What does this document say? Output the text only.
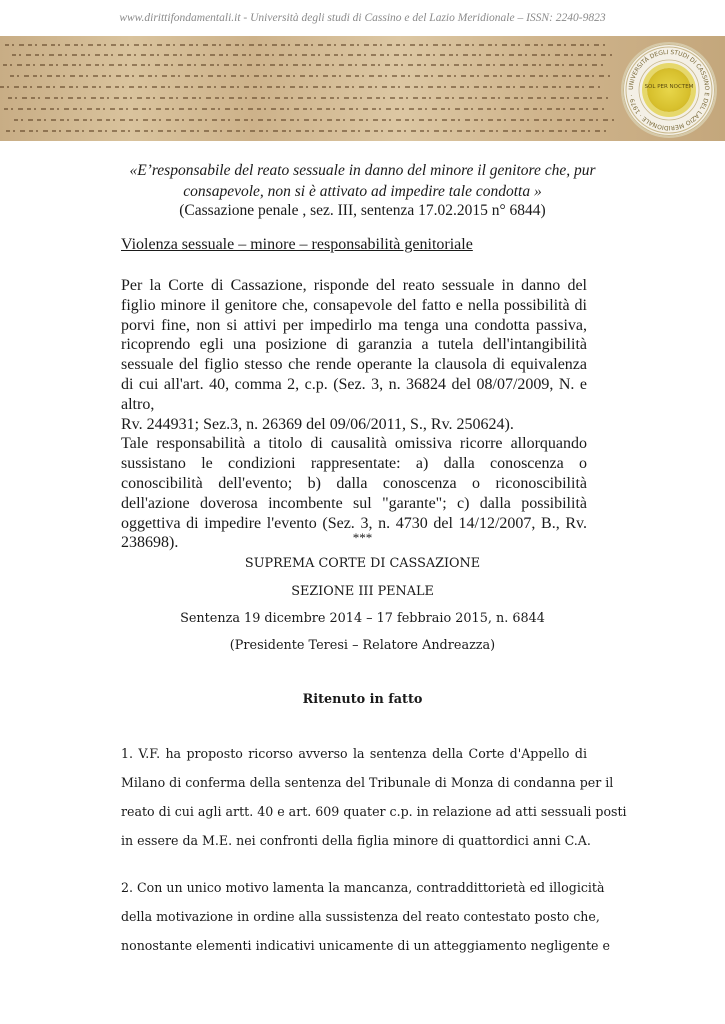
www.dirittifondamentali.it - Università degli studi di Cassino e del Lazio Meridionale – ISSN: 2240-9823
UNIVERSITÀ DEGLI STUDI DI CASSINO E DEL LAZIO MERIDIONALE · 1979 ·
SOL PER NOCTEM
«E’responsabile del reato sessuale in danno del minore il genitore che, pur
consapevole, non si è attivato ad impedire tale condotta »
(Cassazione penale , sez. III, sentenza 17.02.2015 n° 6844)
Violenza sessuale – minore – responsabilità genitoriale
Per la Corte di Cassazione, risponde del reato sessuale in danno del
figlio minore il genitore che, consapevole del fatto e nella possibilità di
porvi fine, non si attivi per impedirlo ma tenga una condotta passiva,
ricoprendo egli una posizione di garanzia a tutela dell'intangibilità
sessuale del figlio stesso che rende operante la clausola di equivalenza
di cui all'art. 40, comma 2, c.p. (Sez. 3, n. 36824 del 08/07/2009, N. e altro,
Rv. 244931; Sez.3, n. 26369 del 09/06/2011, S., Rv. 250624).
Tale responsabilità a titolo di causalità omissiva ricorre allorquando
sussistano le condizioni rappresentate: a) dalla conoscenza o
conoscibilità dell'evento; b) dalla conoscenza o riconoscibilità
dell'azione doverosa incombente sul "garante"; c) dalla possibilità
oggettiva di impedire l'evento (Sez. 3, n. 4730 del 14/12/2007, B., Rv.
238698).	***
SUPREMA CORTE DI CASSAZIONE
SEZIONE III PENALE
Sentenza 19 dicembre 2014 – 17 febbraio 2015, n. 6844
(Presidente Teresi – Relatore Andreazza)
Ritenuto in fatto
1. V.F. ha proposto ricorso avverso la sentenza della Corte d'Appello di
Milano di conferma della sentenza del Tribunale di Monza di condanna per il
reato di cui agli artt. 40 e art. 609 quater c.p. in relazione ad atti sessuali posti
in essere da M.E. nei confronti della figlia minore di quattordici anni C.A.
2. Con un unico motivo lamenta la mancanza, contraddittorietà ed illogicità
della motivazione in ordine alla sussistenza del reato contestato posto che,
nonostante elementi indicativi unicamente di un atteggiamento negligente e
